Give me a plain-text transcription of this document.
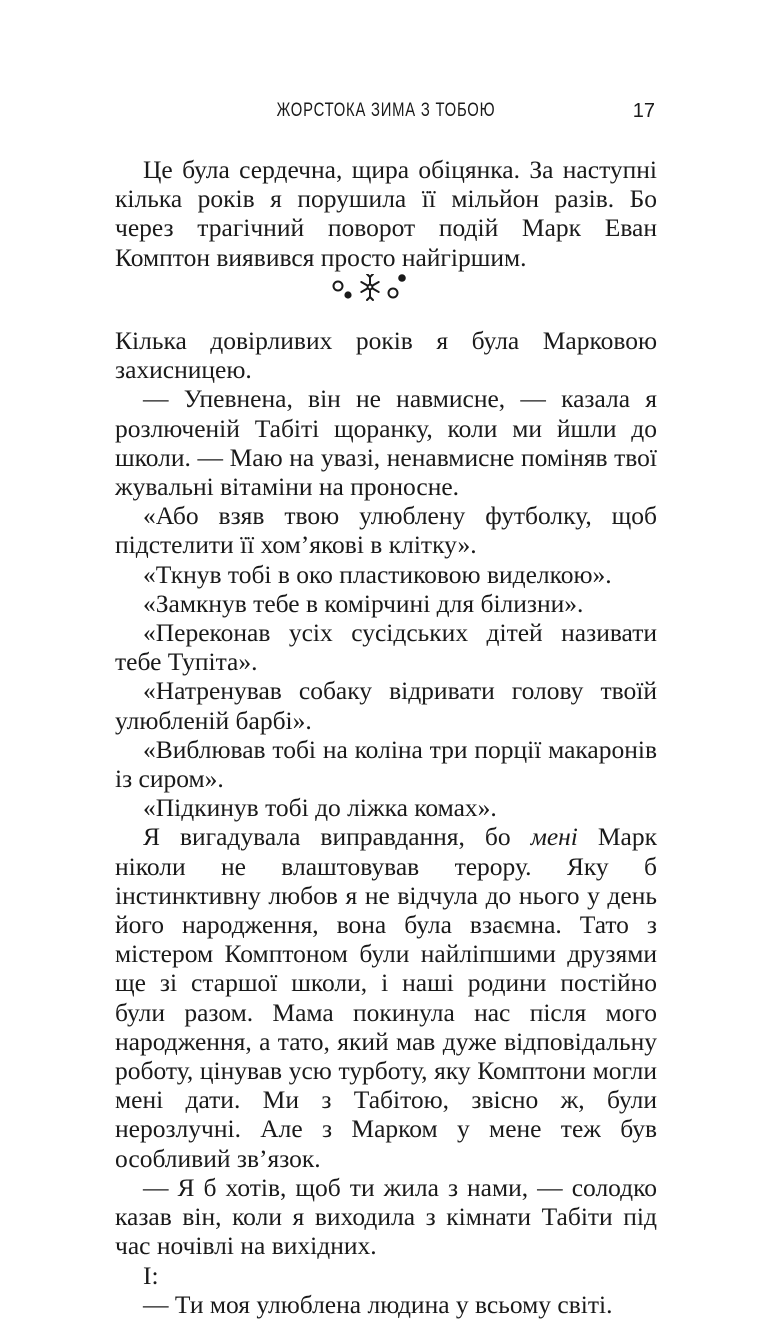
ЖОРСТОКА ЗИМА З ТОБОЮ	17

Це була сердечна, щира обіцянка. За наступні кілька років я порушила її мільйон разів. Бо через трагічний поворот подій Марк Еван Комптон виявився просто найгіршим.

Кілька довірливих років я була Марковою захисницею.

— Упевнена, він не навмисне, — казала я розлюченій Табіті щоранку, коли ми йшли до школи. — Маю на увазі, ненавмисне поміняв твої жувальні вітаміни на проносне.

«Або взяв твою улюблену футболку, щоб підстелити її хом’якові в клітку».

«Ткнув тобі в око пластиковою виделкою».

«Замкнув тебе в комірчині для білизни».

«Переконав усіх сусідських дітей називати тебе Тупіта».

«Натренував собаку відривати голову твоїй улюбленій барбі».

«Виблював тобі на коліна три порції макаронів із сиром».

«Підкинув тобі до ліжка комах».

Я вигадувала виправдання, бо мені Марк ніколи не влаштовував терору. Яку б інстинктивну любов я не відчула до нього у день його народження, вона була взаємна. Тато з містером Комптоном були найліпшими друзями ще зі старшої школи, і наші родини постійно були разом. Мама покинула нас після мого народження, а тато, який мав дуже відповідальну роботу, цінував усю турботу, яку Комптони могли мені дати. Ми з Табітою, звісно ж, були нерозлучні. Але з Марком у мене теж був особливий зв’язок.

— Я б хотів, щоб ти жила з нами, — солодко казав він, коли я виходила з кімнати Табіти під час ночівлі на вихідних.

І:

— Ти моя улюблена людина у всьому світі.
